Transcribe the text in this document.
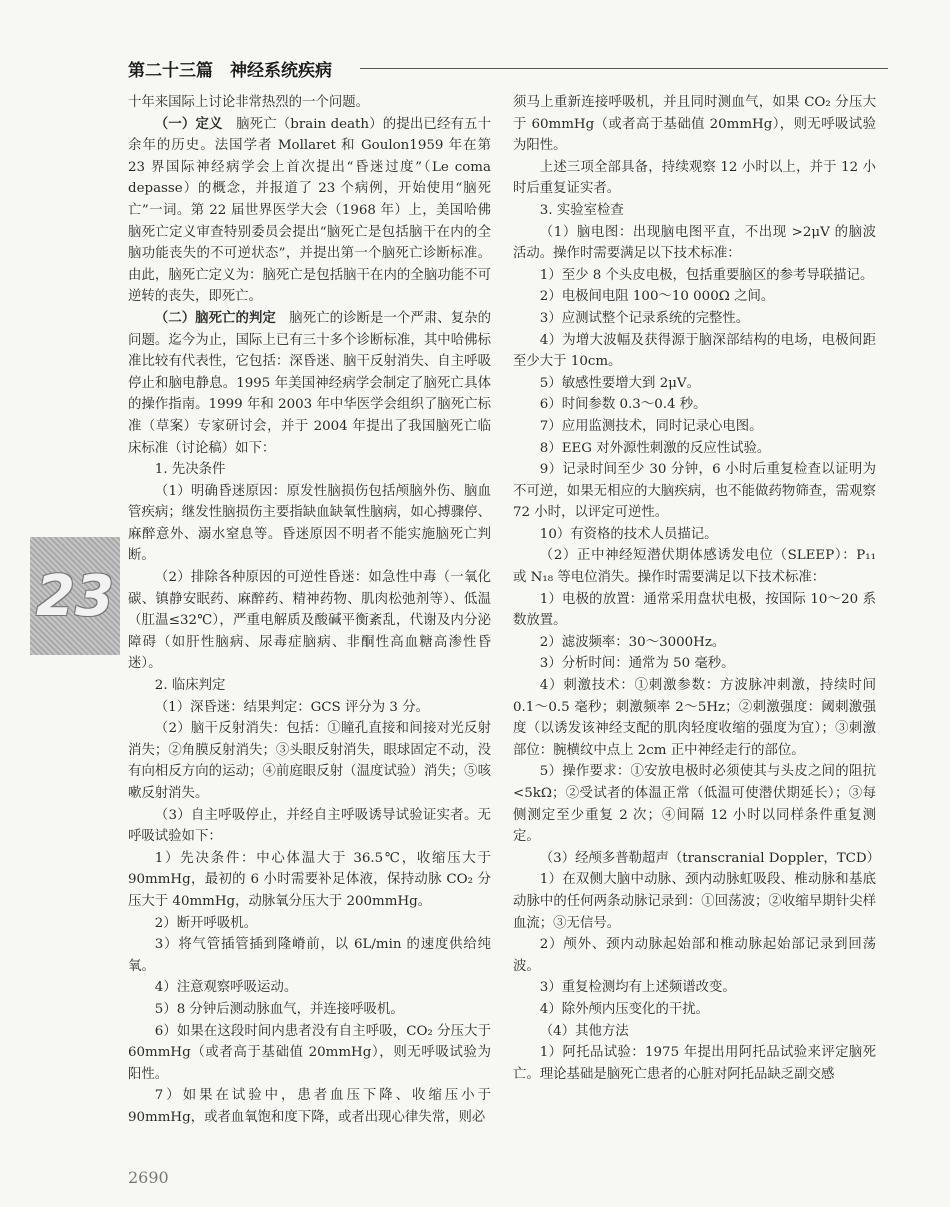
第二十三篇　神经系统疾病
23

十年来国际上讨论非常热烈的一个问题。

（一）定义　脑死亡（brain death）的提出已经有五十余年的历史。法国学者 Mollaret 和 Goulon1959 年在第 23 界国际神经病学会上首次提出“昏迷过度”（Le coma depasse）的概念，并报道了 23 个病例，开始使用“脑死亡”一词。第 22 届世界医学大会（1968 年）上，美国哈佛脑死亡定义审查特别委员会提出“脑死亡是包括脑干在内的全脑功能丧失的不可逆状态”，并提出第一个脑死亡诊断标准。由此，脑死亡定义为：脑死亡是包括脑干在内的全脑功能不可逆转的丧失，即死亡。

（二）脑死亡的判定　脑死亡的诊断是一个严肃、复杂的问题。迄今为止，国际上已有三十多个诊断标准，其中哈佛标准比较有代表性，它包括：深昏迷、脑干反射消失、自主呼吸停止和脑电静息。1995 年美国神经病学会制定了脑死亡具体的操作指南。1999 年和 2003 年中华医学会组织了脑死亡标准（草案）专家研讨会，并于 2004 年提出了我国脑死亡临床标准（讨论稿）如下：

1. 先决条件

（1）明确昏迷原因：原发性脑损伤包括颅脑外伤、脑血管疾病；继发性脑损伤主要指缺血缺氧性脑病，如心搏骤停、麻醉意外、溺水窒息等。昏迷原因不明者不能实施脑死亡判断。

（2）排除各种原因的可逆性昏迷：如急性中毒（一氧化碳、镇静安眠药、麻醉药、精神药物、肌肉松弛剂等）、低温（肛温≤32℃），严重电解质及酸碱平衡紊乱，代谢及内分泌障碍（如肝性脑病、尿毒症脑病、非酮性高血糖高渗性昏迷）。

2. 临床判定

（1）深昏迷：结果判定：GCS 评分为 3 分。

（2）脑干反射消失：包括：①瞳孔直接和间接对光反射消失；②角膜反射消失；③头眼反射消失，眼球固定不动，没有向相反方向的运动；④前庭眼反射（温度试验）消失；⑤咳嗽反射消失。

（3）自主呼吸停止，并经自主呼吸诱导试验证实者。无呼吸试验如下：

1）先决条件：中心体温大于 36.5℃，收缩压大于 90mmHg，最初的 6 小时需要补足体液，保持动脉 CO₂ 分压大于 40mmHg，动脉氧分压大于 200mmHg。

2）断开呼吸机。

3）将气管插管插到隆嵴前，以 6L/min 的速度供给纯氧。

4）注意观察呼吸运动。

5）8 分钟后测动脉血气，并连接呼吸机。

6）如果在这段时间内患者没有自主呼吸，CO₂ 分压大于 60mmHg（或者高于基础值 20mmHg），则无呼吸试验为阳性。

7）如果在试验中，患者血压下降、收缩压小于 90mmHg，或者血氧饱和度下降，或者出现心律失常，则必

须马上重新连接呼吸机，并且同时测血气，如果 CO₂ 分压大于 60mmHg（或者高于基础值 20mmHg），则无呼吸试验为阳性。

上述三项全部具备，持续观察 12 小时以上，并于 12 小时后重复证实者。

3. 实验室检查

（1）脑电图：出现脑电图平直，不出现 >2μV 的脑波活动。操作时需要满足以下技术标准：

1）至少 8 个头皮电极，包括重要脑区的参考导联描记。

2）电极间电阻 100～10 000Ω 之间。

3）应测试整个记录系统的完整性。

4）为增大波幅及获得源于脑深部结构的电场，电极间距至少大于 10cm。

5）敏感性要增大到 2μV。

6）时间参数 0.3～0.4 秒。

7）应用监测技术，同时记录心电图。

8）EEG 对外源性刺激的反应性试验。

9）记录时间至少 30 分钟，6 小时后重复检查以证明为不可逆，如果无相应的大脑疾病，也不能做药物筛查，需观察 72 小时，以评定可逆性。

10）有资格的技术人员描记。

（2）正中神经短潜伏期体感诱发电位（SLEEP）：P₁₁ 或 N₁₈ 等电位消失。操作时需要满足以下技术标准：

1）电极的放置：通常采用盘状电极，按国际 10～20 系数放置。

2）滤波频率：30～3000Hz。

3）分析时间：通常为 50 毫秒。

4）刺激技术：①刺激参数：方波脉冲刺激，持续时间 0.1～0.5 毫秒；刺激频率 2～5Hz；②刺激强度：阈刺激强度（以诱发该神经支配的肌肉轻度收缩的强度为宜）；③刺激部位：腕横纹中点上 2cm 正中神经走行的部位。

5）操作要求：①安放电极时必须使其与头皮之间的阻抗<5kΩ；②受试者的体温正常（低温可使潜伏期延长）；③每侧测定至少重复 2 次；④间隔 12 小时以同样条件重复测定。

（3）经颅多普勒超声（transcranial Doppler，TCD）

1）在双侧大脑中动脉、颈内动脉虹吸段、椎动脉和基底动脉中的任何两条动脉记录到：①回荡波；②收缩早期针尖样血流；③无信号。

2）颅外、颈内动脉起始部和椎动脉起始部记录到回荡波。

3）重复检测均有上述频谱改变。

4）除外颅内压变化的干扰。

（4）其他方法

1）阿托品试验：1975 年提出用阿托品试验来评定脑死亡。理论基础是脑死亡患者的心脏对阿托品缺乏副交感

2690
